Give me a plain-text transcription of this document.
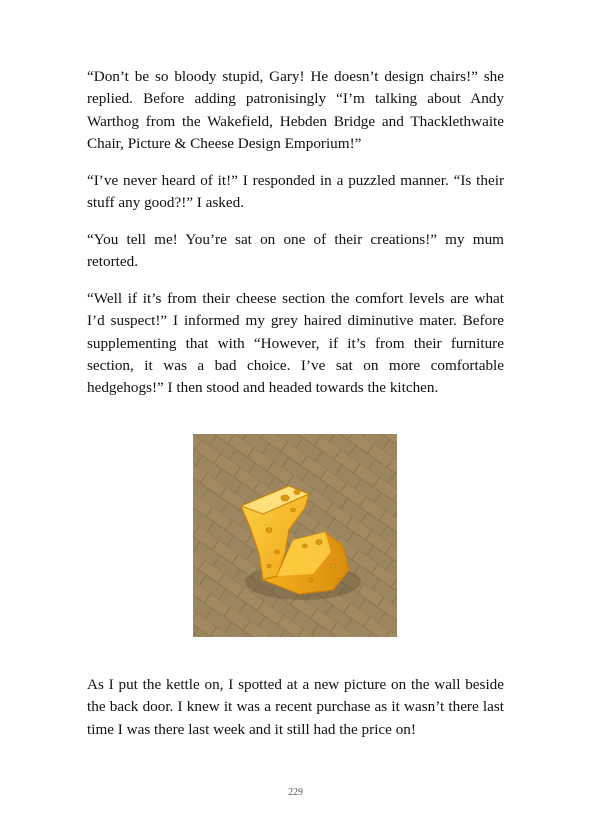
“Don’t be so bloody stupid, Gary! He doesn’t design chairs!” she replied. Before adding patronisingly “I’m talking about Andy Warthog from the Wakefield, Hebden Bridge and Thacklethwaite Chair, Picture & Cheese Design Emporium!”

“I’ve never heard of it!” I responded in a puzzled manner. “Is their stuff any good?!” I asked.

“You tell me! You’re sat on one of their creations!” my mum retorted.

“Well if it’s from their cheese section the comfort levels are what I’d suspect!” I informed my grey haired diminutive mater. Before supplementing that with “However, if it’s from their furniture section, it was a bad choice. I’ve sat on more comfortable hedgehogs!” I then stood and headed towards the kitchen.

As I put the kettle on, I spotted at a new picture on the wall beside the back door. I knew it was a recent purchase as it wasn’t there last time I was there last week and it still had the price on!

229
